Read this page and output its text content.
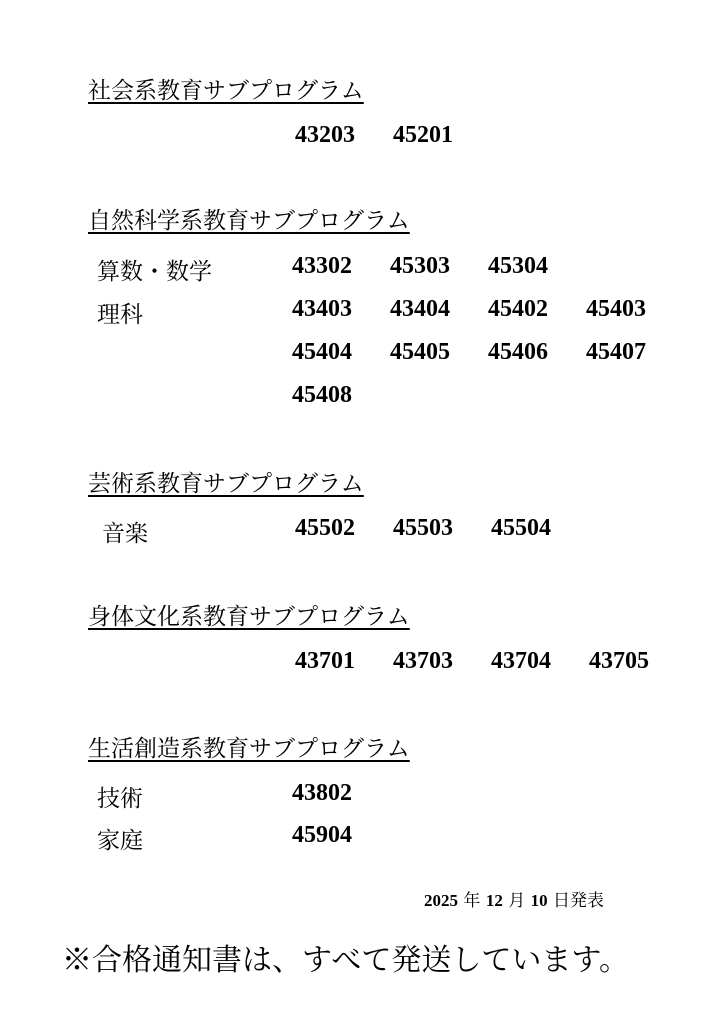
社会系教育サブプログラム
43203 45201
自然科学系教育サブプログラム
算数・数学	43302 45303 45304
理科	43403 43404 45402 45403
45404 45405 45406 45407
45408
芸術系教育サブプログラム
音楽	45502 45503 45504
身体文化系教育サブプログラム
43701 43703 43704 43705
生活創造系教育サブプログラム
技術	43802
家庭	45904
2025 年 12 月 10 日発表
※合格通知書は、すべて発送しています。
